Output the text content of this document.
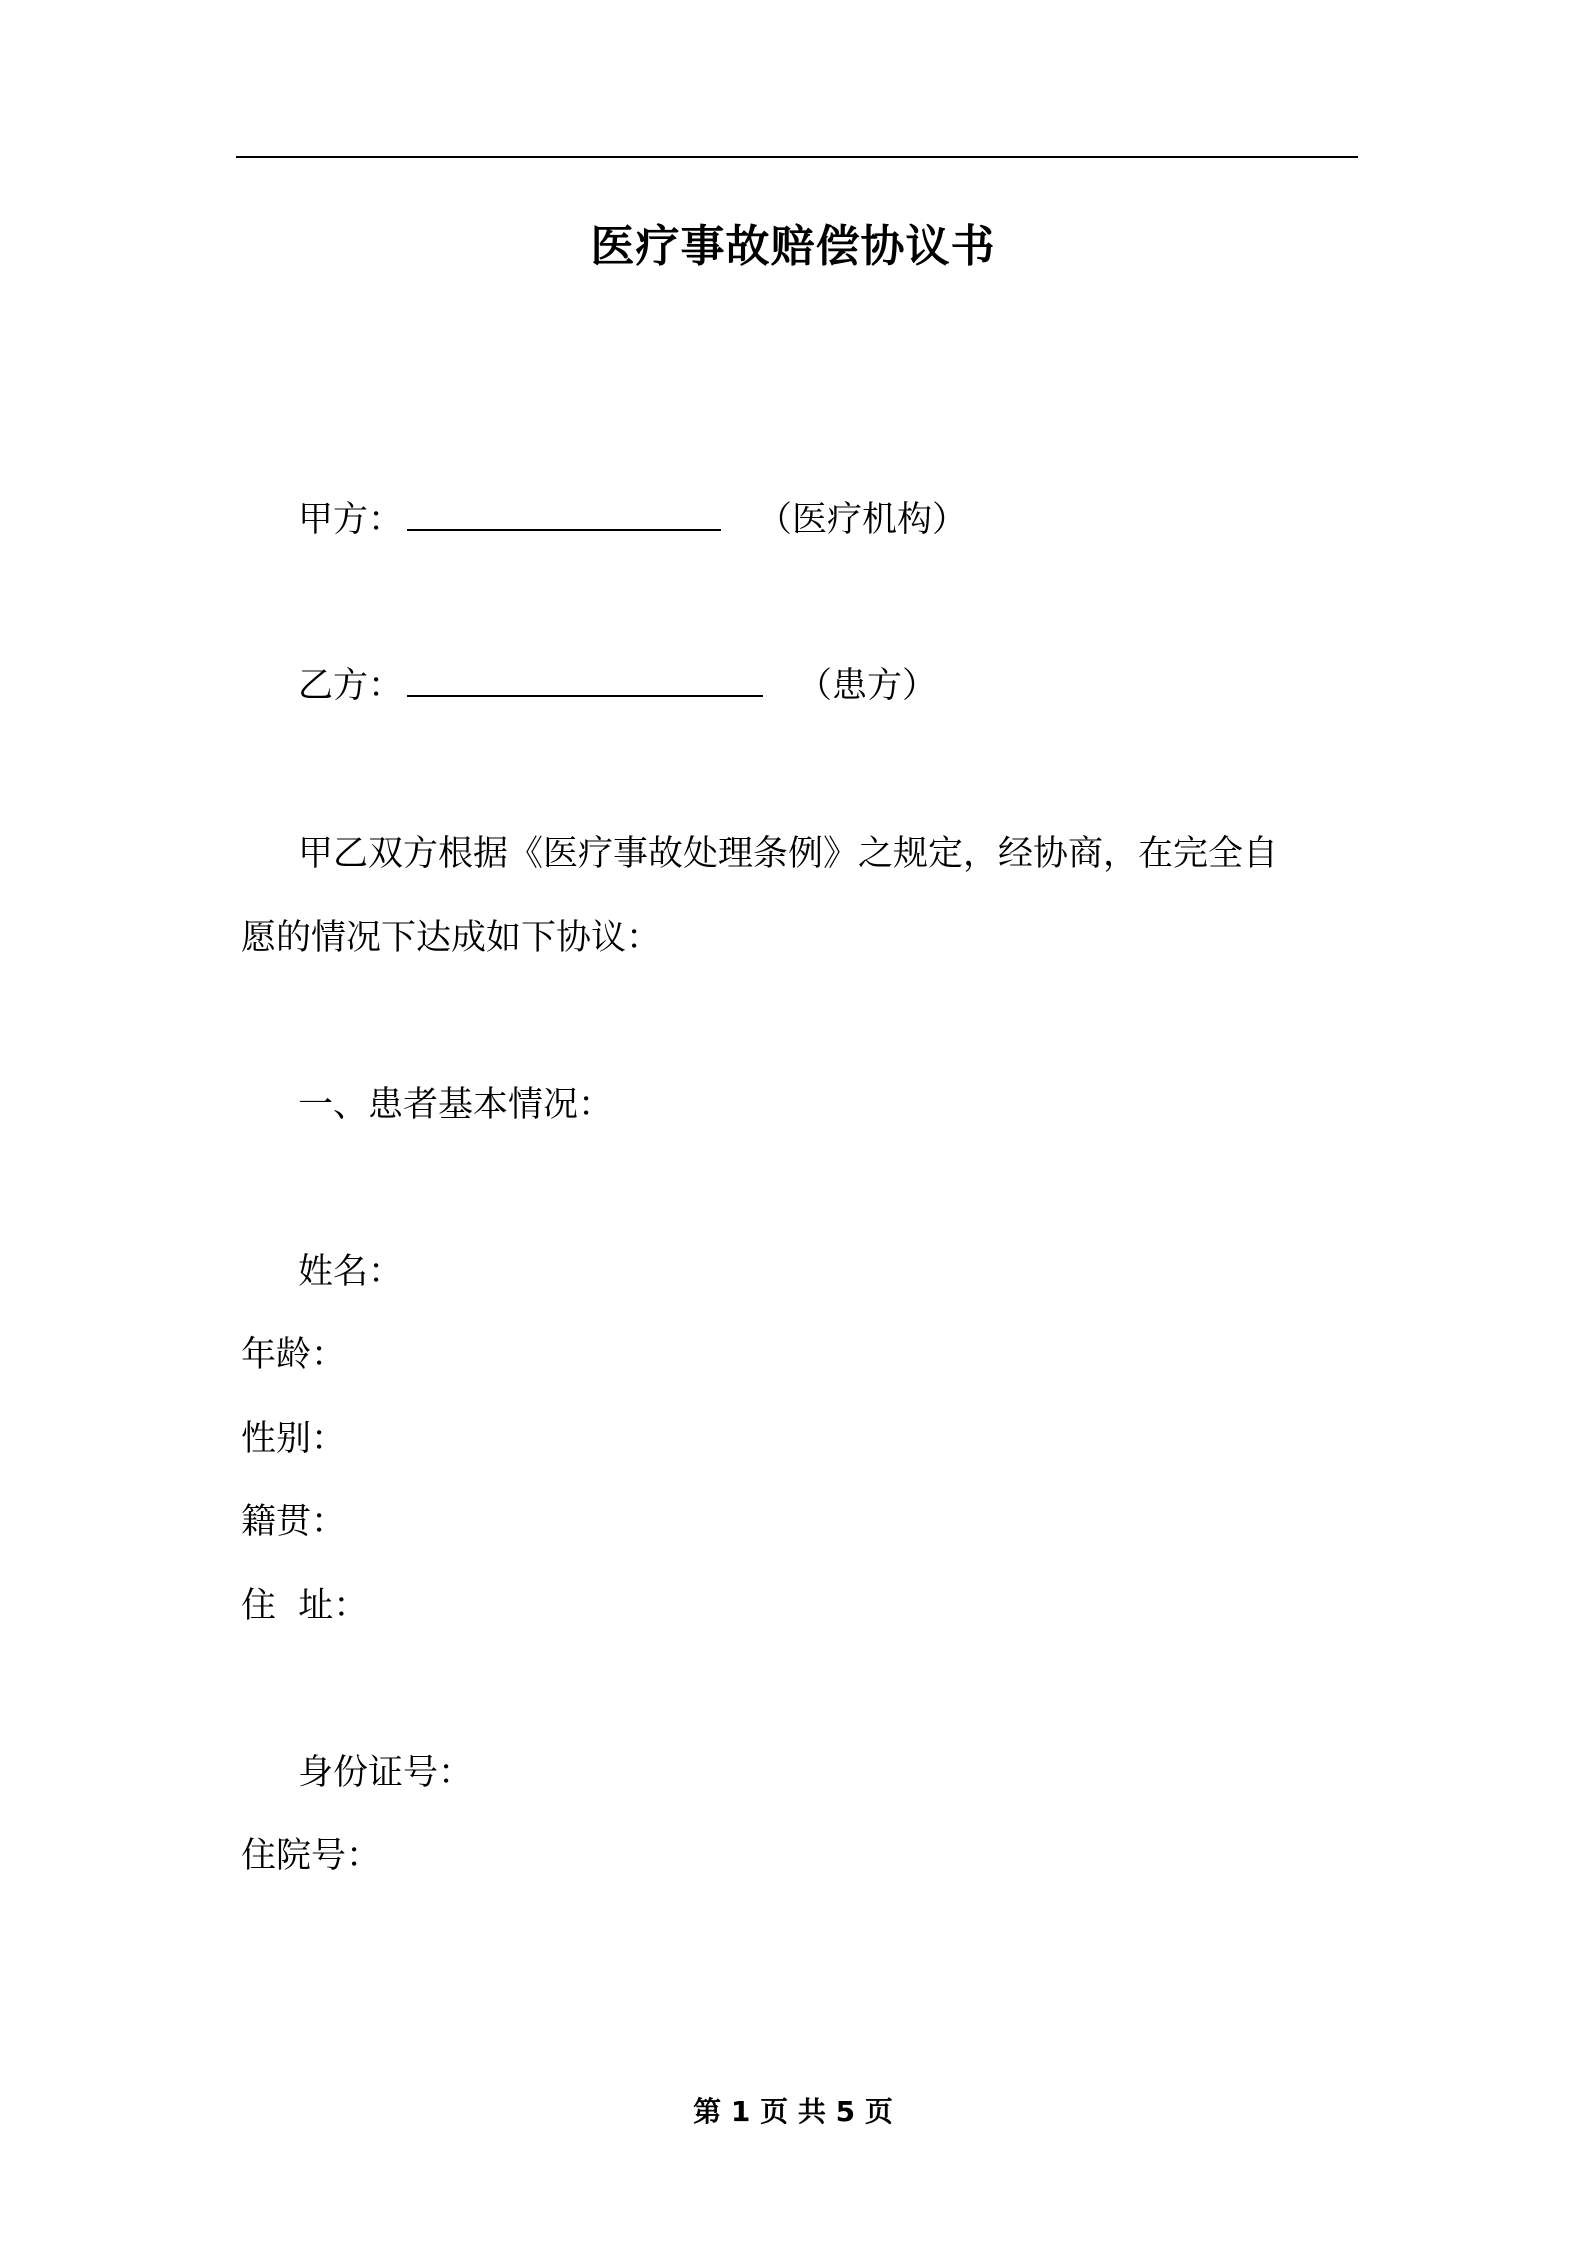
医疗事故赔偿协议书
甲方：	（医疗机构）
乙方：	（患方）
甲乙双方根据《医疗事故处理条例》之规定，经协商，在完全自
愿的情况下达成如下协议：
一、患者基本情况：
姓名：
年龄：
性别：
籍贯：
住  址：
身份证号：
住院号：
第 1 页 共 5 页
